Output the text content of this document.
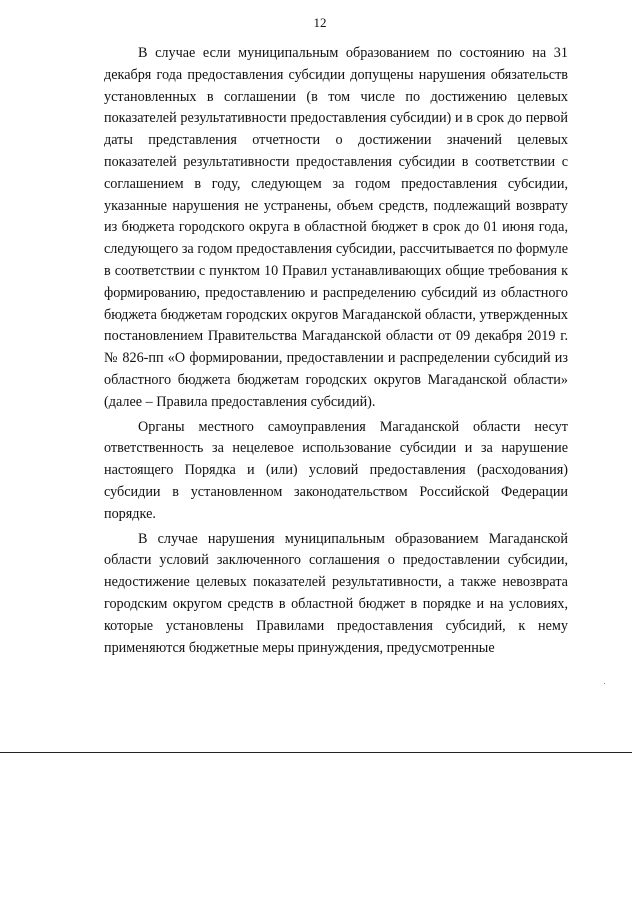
12

В случае если муниципальным образованием по состоянию на 31 декабря года предоставления субсидии допущены нарушения обязательств установленных в соглашении (в том числе по достижению целевых показателей результативности предоставления субсидии) и в срок до первой даты представления отчетности о достижении значений целевых показателей результативности предоставления субсидии в соответствии с соглашением в году, следующем за годом предоставления субсидии, указанные нарушения не устранены, объем средств, подлежащий возврату из бюджета городского округа в областной бюджет в срок до 01 июня года, следующего за годом предоставления субсидии, рассчитывается по формуле в соответствии с пунктом 10 Правил устанавливающих общие требования к формированию, предоставлению и распределению субсидий из областного бюджета бюджетам городских округов Магаданской области, утвержденных постановлением Правительства Магаданской области от 09 декабря 2019 г. № 826-пп «О формировании, предоставлении и распределении субсидий из областного бюджета бюджетам городских округов Магаданской области» (далее – Правила предоставления субсидий).

Органы местного самоуправления Магаданской области несут ответственность за нецелевое использование субсидии и за нарушение настоящего Порядка и (или) условий предоставления (расходования) субсидии в установленном законодательством Российской Федерации порядке.

В случае нарушения муниципальным образованием Магаданской области условий заключенного соглашения о предоставлении субсидии, недостижение целевых показателей результативности, а также невозврата городским округом средств в областной бюджет в порядке и на условиях, которые установлены Правилами предоставления субсидий, к нему применяются бюджетные меры принуждения, предусмотренные
